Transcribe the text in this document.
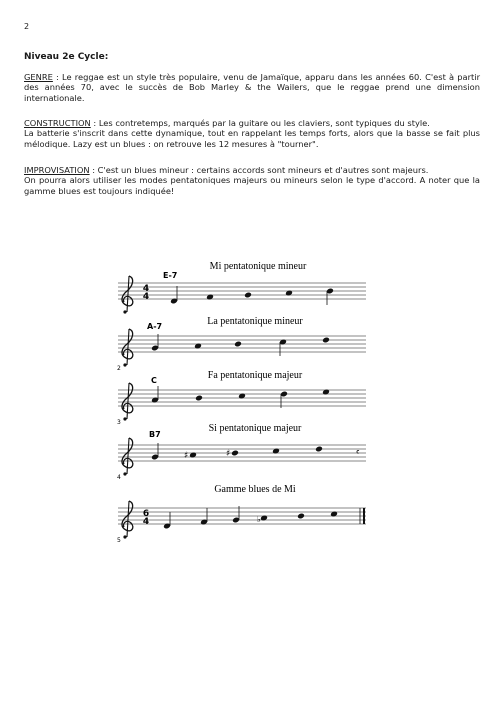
2
Niveau 2e Cycle:
GENRE : Le reggae est un style très populaire, venu de Jamaïque, apparu dans les années 60. C'est à partir des années 70, avec le succès de Bob Marley & the Wailers, que le reggae prend une dimension internationale.
CONSTRUCTION : Les contretemps, marqués par la guitare ou les claviers, sont typiques du style.
La batterie s'inscrit dans cette dynamique, tout en rappelant les temps forts, alors que la basse se fait plus mélodique. Lazy est un blues : on retrouve les 12 mesures à "tourner".
IMPROVISATION : C'est un blues mineur : certains accords sont mineurs et d'autres sont majeurs.
On pourra alors utiliser les modes pentatoniques majeurs ou mineurs selon le type d'accord. A noter que la gamme blues est toujours indiquée!
Mi pentatonique mineur
E-7
4
4
La pentatonique mineur
A-7
2
Fa pentatonique majeur
C
3
Si pentatonique majeur
B7
4
♯	♯	𝄴
Gamme blues de Mi
6
4
5
♭
